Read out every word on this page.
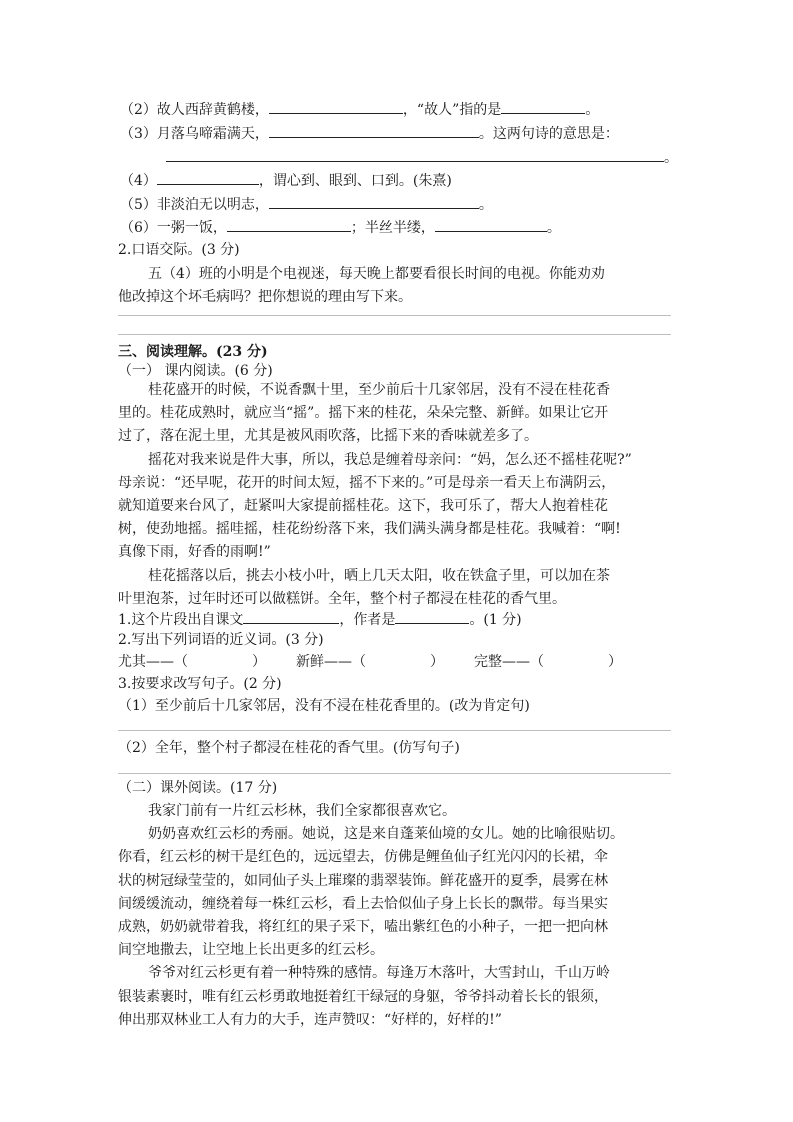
（2）故人西辞黄鹤楼，	，“故人”指的是	。
（3）月落乌啼霜满天，	。这两句诗的意思是：
。
（4）	，谓心到、眼到、口到。(朱熹)
（5）非淡泊无以明志，	。
（6）一粥一饭，	；半丝半缕，	。
2.口语交际。(3 分)
五（4）班的小明是个电视迷，每天晚上都要看很长时间的电视。你能劝劝
他改掉这个坏毛病吗？把你想说的理由写下来。
三、阅读理解。(23 分)
（一） 课内阅读。(6 分)
桂花盛开的时候，不说香飘十里，至少前后十几家邻居，没有不浸在桂花香
里的。桂花成熟时，就应当“摇”。摇下来的桂花，朵朵完整、新鲜。如果让它开
过了，落在泥土里，尤其是被风雨吹落，比摇下来的香味就差多了。
摇花对我来说是件大事，所以，我总是缠着母亲问：“妈，怎么还不摇桂花呢?”
母亲说：“还早呢，花开的时间太短，摇不下来的。”可是母亲一看天上布满阴云，
就知道要来台风了，赶紧叫大家提前摇桂花。这下，我可乐了，帮大人抱着桂花
树，使劲地摇。摇哇摇，桂花纷纷落下来，我们满头满身都是桂花。我喊着：“啊!
真像下雨，好香的雨啊!”
桂花摇落以后，挑去小枝小叶，晒上几天太阳，收在铁盒子里，可以加在茶
叶里泡茶，过年时还可以做糕饼。全年，整个村子都浸在桂花的香气里。
1.这个片段出自课文	，作者是	。(1 分)
2.写出下列词语的近义词。(3 分)
尤其——（	） 新鲜——（	） 完整——（	）
3.按要求改写句子。(2 分)
（1）至少前后十几家邻居，没有不浸在桂花香里的。(改为肯定句)
（2）全年，整个村子都浸在桂花的香气里。(仿写句子)
（二）课外阅读。(17 分)
我家门前有一片红云杉林，我们全家都很喜欢它。
奶奶喜欢红云杉的秀丽。她说，这是来自蓬莱仙境的女儿。她的比喻很贴切。
你看，红云杉的树干是红色的，远远望去，仿佛是鲤鱼仙子红光闪闪的长裙，伞
状的树冠绿莹莹的，如同仙子头上璀璨的翡翠装饰。鲜花盛开的夏季，晨雾在林
间缓缓流动，缠绕着每一株红云杉，看上去恰似仙子身上长长的飘带。每当果实
成熟，奶奶就带着我，将红红的果子采下，嗑出紫红色的小种子，一把一把向林
间空地撒去，让空地上长出更多的红云杉。
爷爷对红云杉更有着一种特殊的感情。每逢万木落叶，大雪封山，千山万岭
银装素裹时，唯有红云杉勇敢地挺着红干绿冠的身躯，爷爷抖动着长长的银须，
伸出那双林业工人有力的大手，连声赞叹：“好样的，好样的!”
